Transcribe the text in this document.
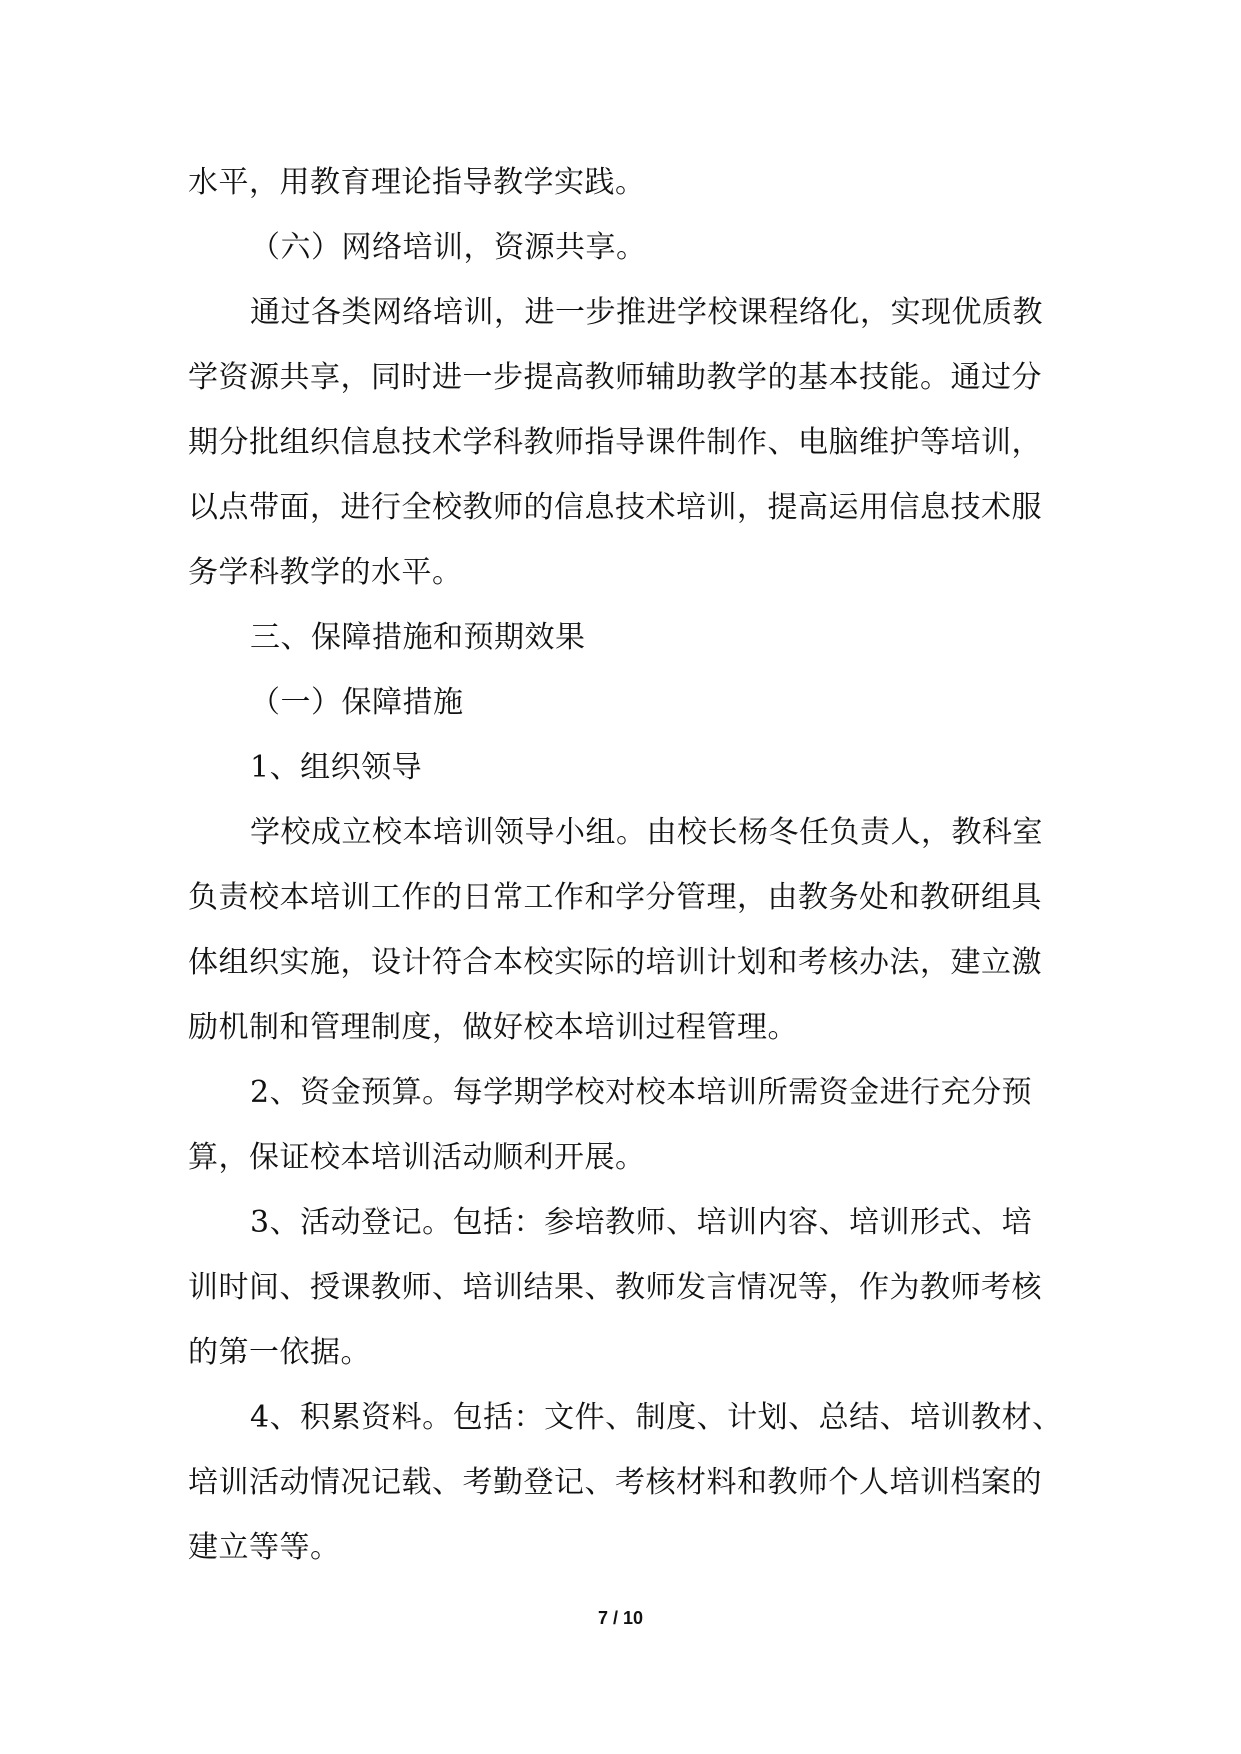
水平，用教育理论指导教学实践。
（六）网络培训，资源共享。
通过各类网络培训，进一步推进学校课程络化，实现优质教
学资源共享，同时进一步提高教师辅助教学的基本技能。通过分
期分批组织信息技术学科教师指导课件制作、电脑维护等培训，
以点带面，进行全校教师的信息技术培训，提高运用信息技术服
务学科教学的水平。
三、保障措施和预期效果
（一）保障措施
1、组织领导
学校成立校本培训领导小组。由校长杨冬任负责人，教科室
负责校本培训工作的日常工作和学分管理，由教务处和教研组具
体组织实施，设计符合本校实际的培训计划和考核办法，建立激
励机制和管理制度，做好校本培训过程管理。
2、资金预算。每学期学校对校本培训所需资金进行充分预
算，保证校本培训活动顺利开展。
3、活动登记。包括：参培教师、培训内容、培训形式、培
训时间、授课教师、培训结果、教师发言情况等，作为教师考核
的第一依据。
4、积累资料。包括：文件、制度、计划、总结、培训教材、
培训活动情况记载、考勤登记、考核材料和教师个人培训档案的
建立等等。
7 / 10
